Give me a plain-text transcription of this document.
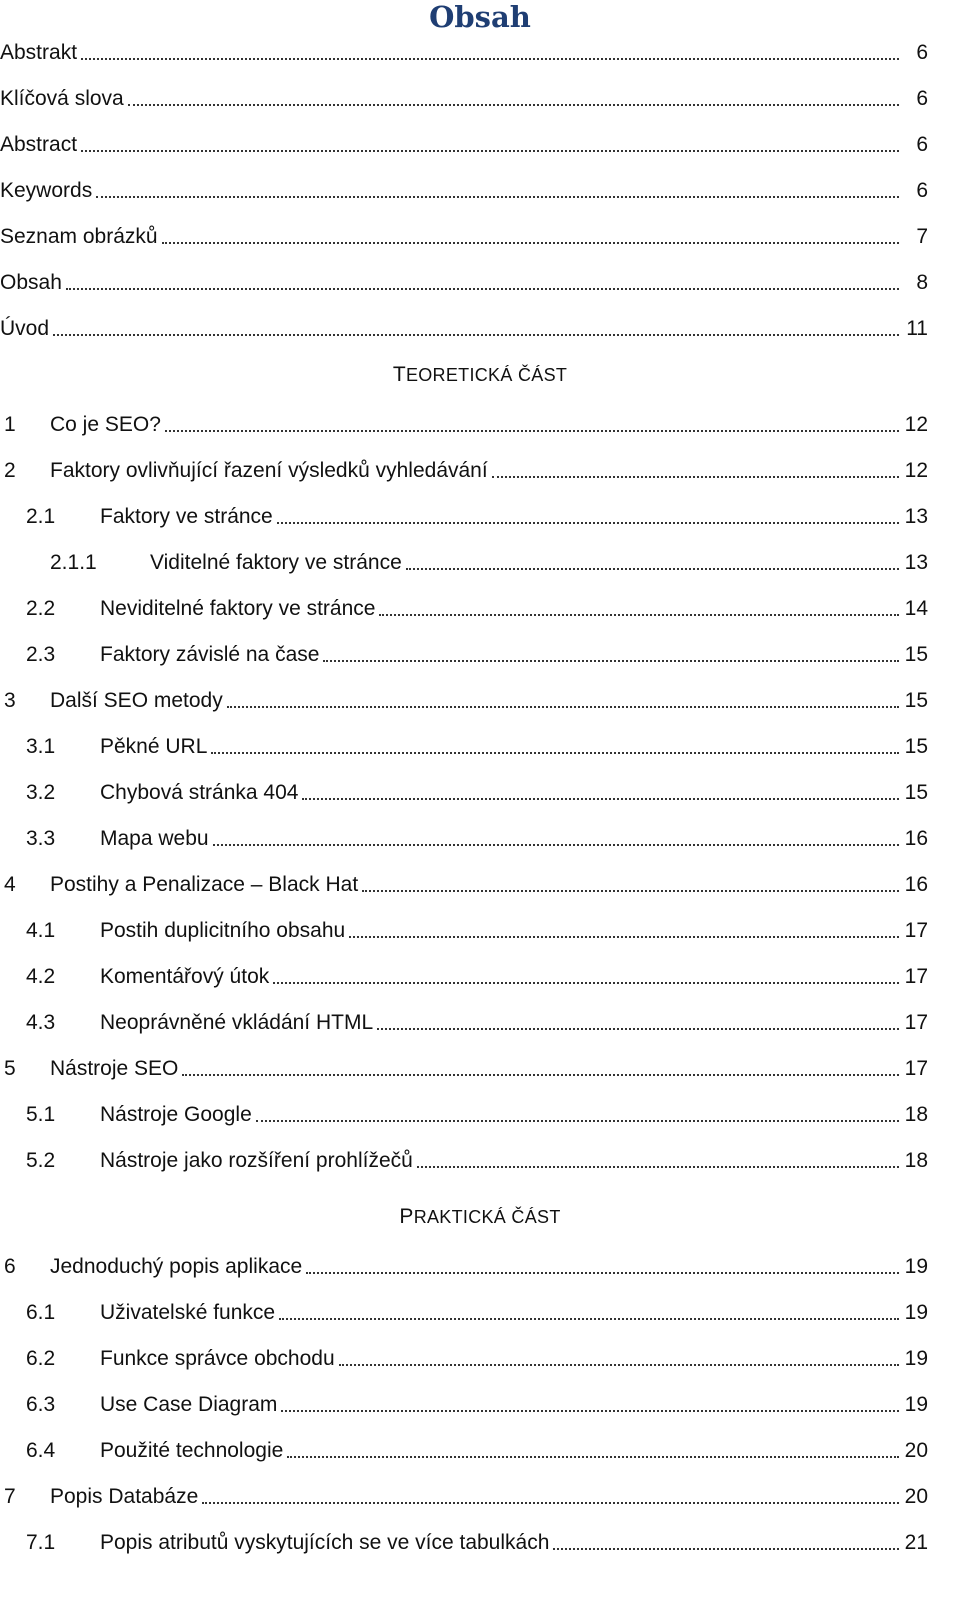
Obsah
TEORETICKÁ ČÁST
PRAKTICKÁ ČÁST
Abstrakt	6
Klíčová slova	6
Abstract	6
Keywords	6
Seznam obrázků	7
Obsah	8
Úvod	11
1 Co je SEO?	12
2 Faktory ovlivňující řazení výsledků vyhledávání	12
2.1 Faktory ve stránce	13
2.1.1	Viditelné faktory ve stránce	13
2.2 Neviditelné faktory ve stránce	14
2.3 Faktory závislé na čase	15
3 Další SEO metody	15
3.1 Pěkné URL	15
3.2 Chybová stránka 404	15
3.3 Mapa webu	16
4 Postihy a Penalizace – Black Hat	16
4.1 Postih duplicitního obsahu	17
4.2 Komentářový útok	17
4.3 Neoprávněné vkládání HTML	17
5 Nástroje SEO	17
5.1 Nástroje Google	18
5.2 Nástroje jako rozšíření prohlížečů	18
6 Jednoduchý popis aplikace	19
6.1 Uživatelské funkce	19
6.2 Funkce správce obchodu	19
6.3 Use Case Diagram	19
6.4 Použité technologie	20
7 Popis Databáze	20
7.1 Popis atributů vyskytujících se ve více tabulkách	21
